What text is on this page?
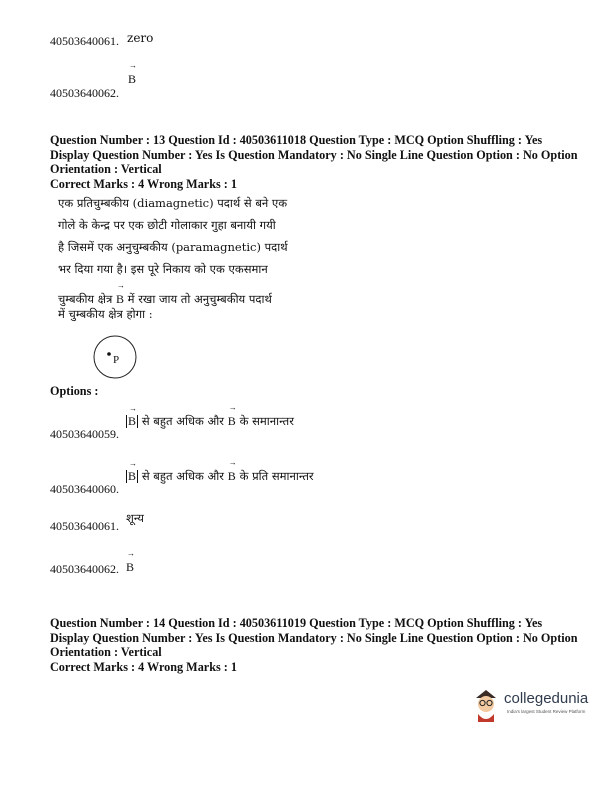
40503640061. zero
40503640062.
→
B
Question Number : 13 Question Id : 40503611018 Question Type : MCQ Option Shuffling : Yes
Display Question Number : Yes Is Question Mandatory : No Single Line Question Option : No Option
Orientation : Vertical
Correct Marks : 4 Wrong Marks : 1
एक प्रतिचुम्बकीय (diamagnetic) पदार्थ से बने एक
गोले के केन्द्र पर एक छोटी गोलाकार गुहा बनायी गयी
है जिसमें एक अनुचुम्बकीय (paramagnetic) पदार्थ
भर दिया गया है। इस पूरे निकाय को एक एकसमान
चुम्बकीय क्षेत्र
→
B में रखा जाय तो अनुचुम्बकीय पदार्थ
में चुम्बकीय क्षेत्र होगा :
P
Options :
40503640059.
→
B से बहुत अधिक और
→
B के समानान्तर
40503640060.
→
B से बहुत अधिक और
→
B के प्रति समानान्तर
40503640061.
शून्य
40503640062.
→
B
Question Number : 14 Question Id : 40503611019 Question Type : MCQ Option Shuffling : Yes
Display Question Number : Yes Is Question Mandatory : No Single Line Question Option : No Option
Orientation : Vertical
Correct Marks : 4 Wrong Marks : 1
collegedunia
India's largest Student Review Platform
